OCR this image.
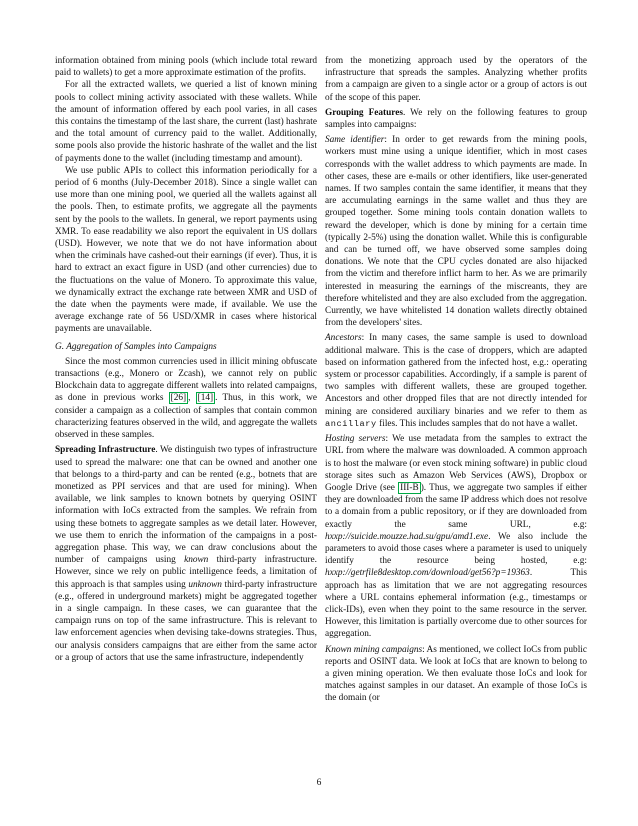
information obtained from mining pools (which include total reward paid to wallets) to get a more approximate estimation of the profits.

For all the extracted wallets, we queried a list of known mining pools to collect mining activity associated with these wallets. While the amount of information offered by each pool varies, in all cases this contains the timestamp of the last share, the current (last) hashrate and the total amount of currency paid to the wallet. Additionally, some pools also provide the historic hashrate of the wallet and the list of payments done to the wallet (including timestamp and amount).

We use public APIs to collect this information periodically for a period of 6 months (July-December 2018). Since a single wallet can use more than one mining pool, we queried all the wallets against all the pools. Then, to estimate profits, we aggregate all the payments sent by the pools to the wallets. In general, we report payments using XMR. To ease readability we also report the equivalent in US dollars (USD). However, we note that we do not have information about when the criminals have cashed-out their earnings (if ever). Thus, it is hard to extract an exact figure in USD (and other currencies) due to the fluctuations on the value of Monero. To approximate this value, we dynamically extract the exchange rate between XMR and USD of the date when the payments were made, if available. We use the average exchange rate of 56 USD/XMR in cases where historical payments are unavailable.

G. Aggregation of Samples into Campaigns

Since the most common currencies used in illicit mining obfuscate transactions (e.g., Monero or Zcash), we cannot rely on public Blockchain data to aggregate different wallets into related campaigns, as done in previous works [26] , [14] . Thus, in this work, we consider a campaign as a collection of samples that contain common characterizing features observed in the wild, and aggregate the wallets observed in these samples.

Spreading Infrastructure. We distinguish two types of infrastructure used to spread the malware: one that can be owned and another one that belongs to a third-party and can be rented (e.g., botnets that are monetized as PPI services and that are used for mining). When available, we link samples to known botnets by querying OSINT information with IoCs extracted from the samples. We refrain from using these botnets to aggregate samples as we detail later. However, we use them to enrich the information of the campaigns in a post-aggregation phase. This way, we can draw conclusions about the number of campaigns using known third-party infrastructure. However, since we rely on public intelligence feeds, a limitation of this approach is that samples using unknown third-party infrastructure (e.g., offered in underground markets) might be aggregated together in a single campaign. In these cases, we can guarantee that the campaign runs on top of the same infrastructure. This is relevant to law enforcement agencies when devising take-downs strategies. Thus, our analysis considers campaigns that are either from the same actor or a group of actors that use the same infrastructure, independently

from the monetizing approach used by the operators of the infrastructure that spreads the samples. Analyzing whether profits from a campaign are given to a single actor or a group of actors is out of the scope of this paper.

Grouping Features. We rely on the following features to group samples into campaigns:

Same identifier: In order to get rewards from the mining pools, workers must mine using a unique identifier, which in most cases corresponds with the wallet address to which payments are made. In other cases, these are e-mails or other identifiers, like user-generated names. If two samples contain the same identifier, it means that they are accumulating earnings in the same wallet and thus they are grouped together. Some mining tools contain donation wallets to reward the developer, which is done by mining for a certain time (typically 2-5%) using the donation wallet. While this is configurable and can be turned off, we have observed some samples doing donations. We note that the CPU cycles donated are also hijacked from the victim and therefore inflict harm to her. As we are primarily interested in measuring the earnings of the miscreants, they are therefore whitelisted and they are also excluded from the aggregation. Currently, we have whitelisted 14 donation wallets directly obtained from the developers' sites.

Ancestors: In many cases, the same sample is used to download additional malware. This is the case of droppers, which are adapted based on information gathered from the infected host, e.g.: operating system or processor capabilities. Accordingly, if a sample is parent of two samples with different wallets, these are grouped together. Ancestors and other dropped files that are not directly intended for mining are considered auxiliary binaries and we refer to them as ancillary files. This includes samples that do not have a wallet.

Hosting servers: We use metadata from the samples to extract the URL from where the malware was downloaded. A common approach is to host the malware (or even stock mining software) in public cloud storage sites such as Amazon Web Services (AWS), Dropbox or Google Drive (see III-B ). Thus, we aggregate two samples if either they are downloaded from the same IP address which does not resolve to a domain from a public repository, or if they are downloaded from exactly the same URL, e.g: hxxp://suicide.mouzze.had.su/gpu/amd1.exe. We also include the parameters to avoid those cases where a parameter is used to uniquely identify the resource being hosted, e.g: hxxp://getrfile8desktop.com/download/get56?p=19363. This approach has as limitation that we are not aggregating resources where a URL contains ephemeral information (e.g., timestamps or click-IDs), even when they point to the same resource in the server. However, this limitation is partially overcome due to other sources for aggregation.

Known mining campaigns: As mentioned, we collect IoCs from public reports and OSINT data. We look at IoCs that are known to belong to a given mining operation. We then evaluate those IoCs and look for matches against samples in our dataset. An example of those IoCs is the domain (or

6
